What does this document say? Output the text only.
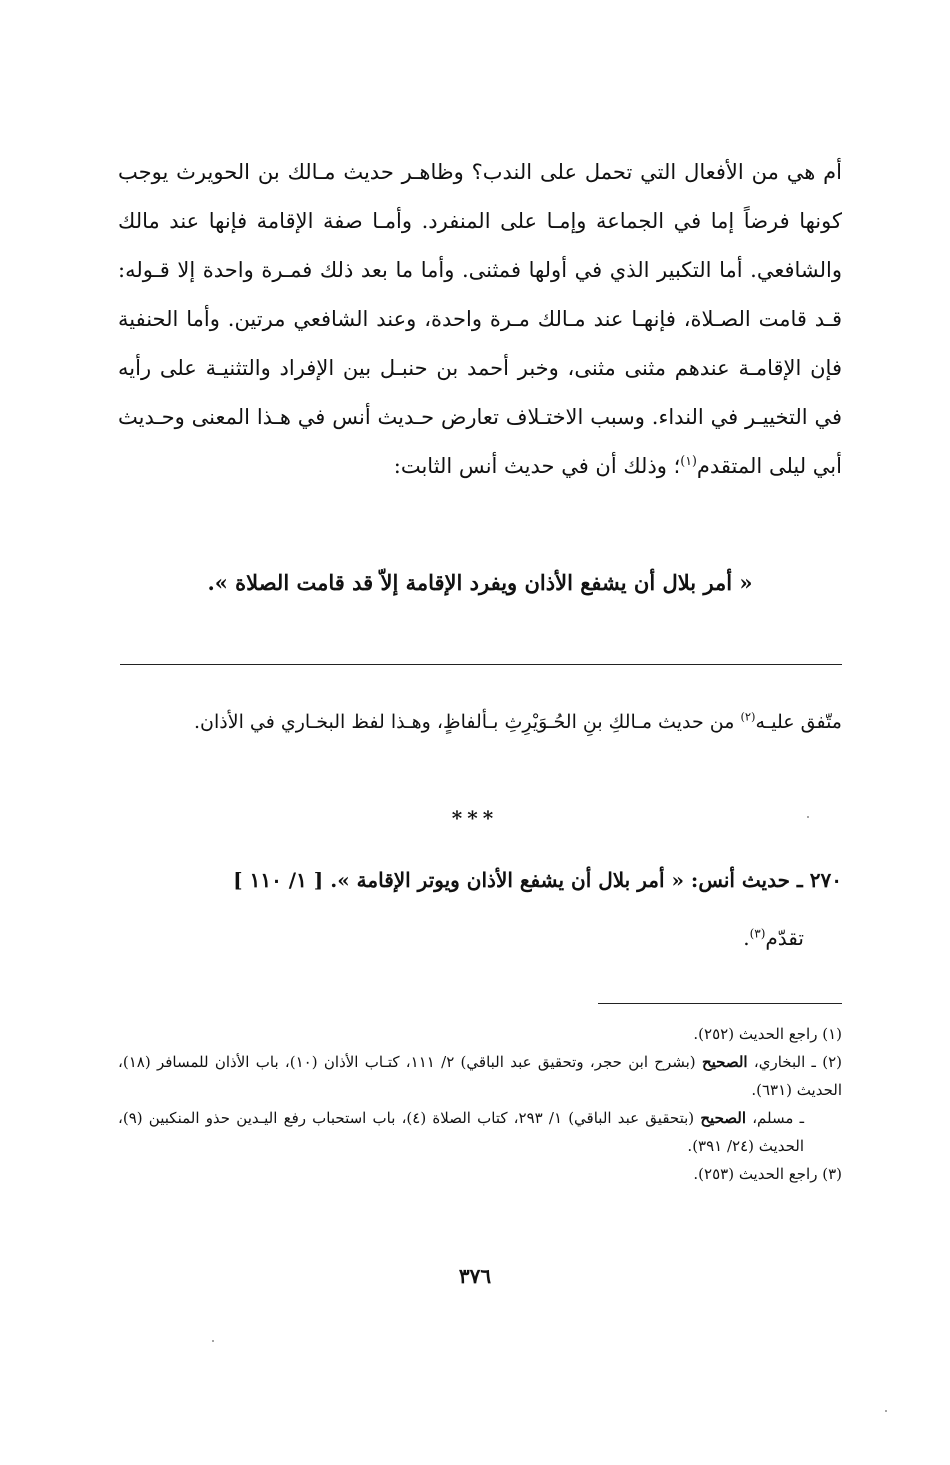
أم هي من الأفعال التي تحمل على الندب؟ وظاهـر حديث مـالك بن الحويرث يوجب كونها فرضاً إما في الجماعة وإمـا على المنفرد. وأمـا صفة الإقامة فإنها عند مالك والشافعي. أما التكبير الذي في أولها فمثنى. وأما ما بعد ذلك فمـرة واحدة إلا قـوله: قـد قامت الصـلاة، فإنهـا عند مـالك مـرة واحدة، وعند الشافعي مرتين. وأما الحنفية فإن الإقامـة عندهم مثنى مثنى، وخبر أحمد بن حنبـل بين الإفراد والتثنيـة على رأيه في التخييـر في النداء. وسبب الاختـلاف تعارض حـديث أنس في هـذا المعنى وحـديث أبي ليلى المتقدم$^{(١)}$؛ وذلك أن في حديث أنس الثابت:

« أمر بلال أن يشفع الأذان ويفرد الإقامة إلاّ قد قامت الصلاة ».

متّفق عليـه$^{(٢)}$ من حديث مـالكِ بنِ الحُـوَيْرِثِ بـألفاظٍ، وهـذا لفظ البخـاري في الأذان.

***
٢٧٠ ـ حديث أنس: « أمر بلال أن يشفع الأذان ويوتر الإقامة ». [ ١/ ١١٠ ]
تقدّم$^{(٣)}$.

(١) راجع الحديث (٢٥٢).

(٢) ـ البخاري، الصحيح (بشرح ابن حجر، وتحقيق عبد الباقي) ٢/ ١١١، كتـاب الأذان (١٠)، باب الأذان للمسافر (١٨)، الحديث (٦٣١).

ـ مسلم، الصحيح (بتحقيق عبد الباقي) ١/ ٢٩٣، كتاب الصلاة (٤)، باب استحباب رفع اليـدين حذو المنكبين (٩)، الحديث (٢٤/ ٣٩١).

(٣) راجع الحديث (٢٥٣).

٣٧٦
